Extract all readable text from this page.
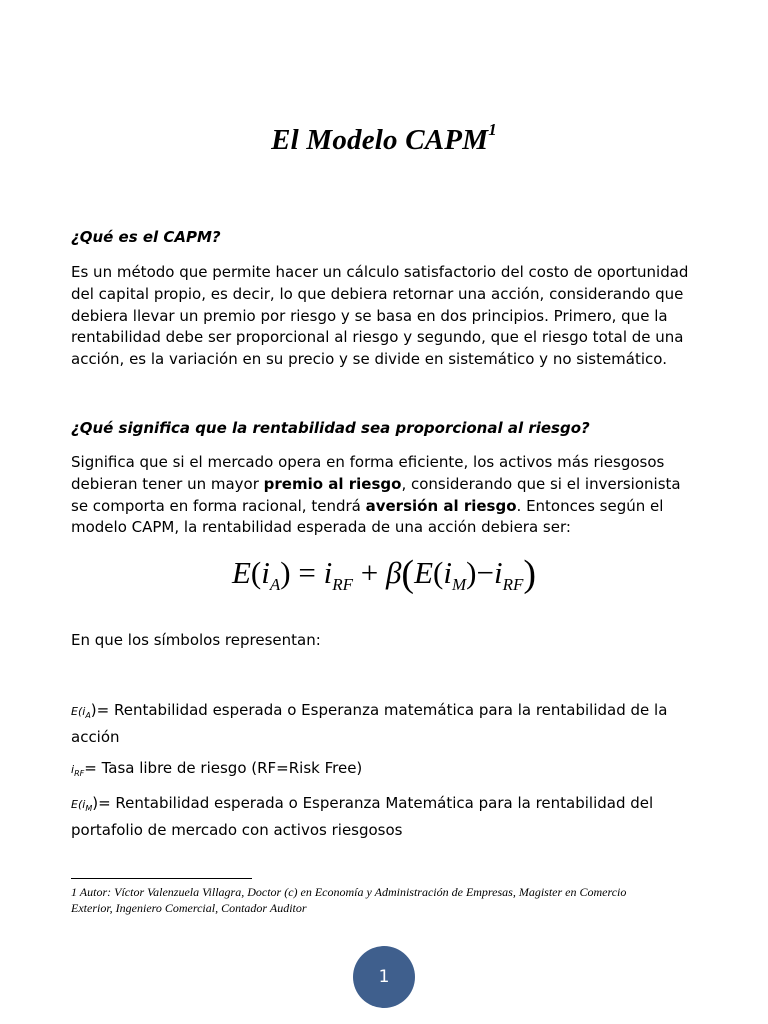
El Modelo CAPM$^1$
¿Qué es el CAPM?
Es un método que permite hacer un cálculo satisfactorio del costo de oportunidad
del capital propio, es decir, lo que debiera retornar una acción, considerando que
debiera llevar un premio por riesgo y se basa en dos principios. Primero, que la
rentabilidad debe ser proporcional al riesgo y segundo, que el riesgo total de una
acción, es la variación en su precio y se divide en sistemático y no sistemático.
¿Qué significa que la rentabilidad sea proporcional al riesgo?
Significa que si el mercado opera en forma eficiente, los activos más riesgosos
debieran tener un mayor premio al riesgo, considerando que si el inversionista
se comporta en forma racional, tendrá aversión al riesgo. Entonces según el
modelo CAPM, la rentabilidad esperada de una acción debiera ser:
$E(i_A) = i_{RF} + \beta(E(i_M)-i_{RF})$
En que los símbolos representan:
$E(i_A)=$ Rentabilidad esperada o Esperanza matemática para la rentabilidad de la
acción
$i_{RF}=$ Tasa libre de riesgo (RF=Risk Free)
$E(i_M)=$ Rentabilidad esperada o Esperanza Matemática para la rentabilidad del
portafolio de mercado con activos riesgosos
1 Autor: Víctor Valenzuela Villagra, Doctor (c) en Economía y Administración de Empresas, Magister en Comercio
Exterior, Ingeniero Comercial, Contador Auditor
1
